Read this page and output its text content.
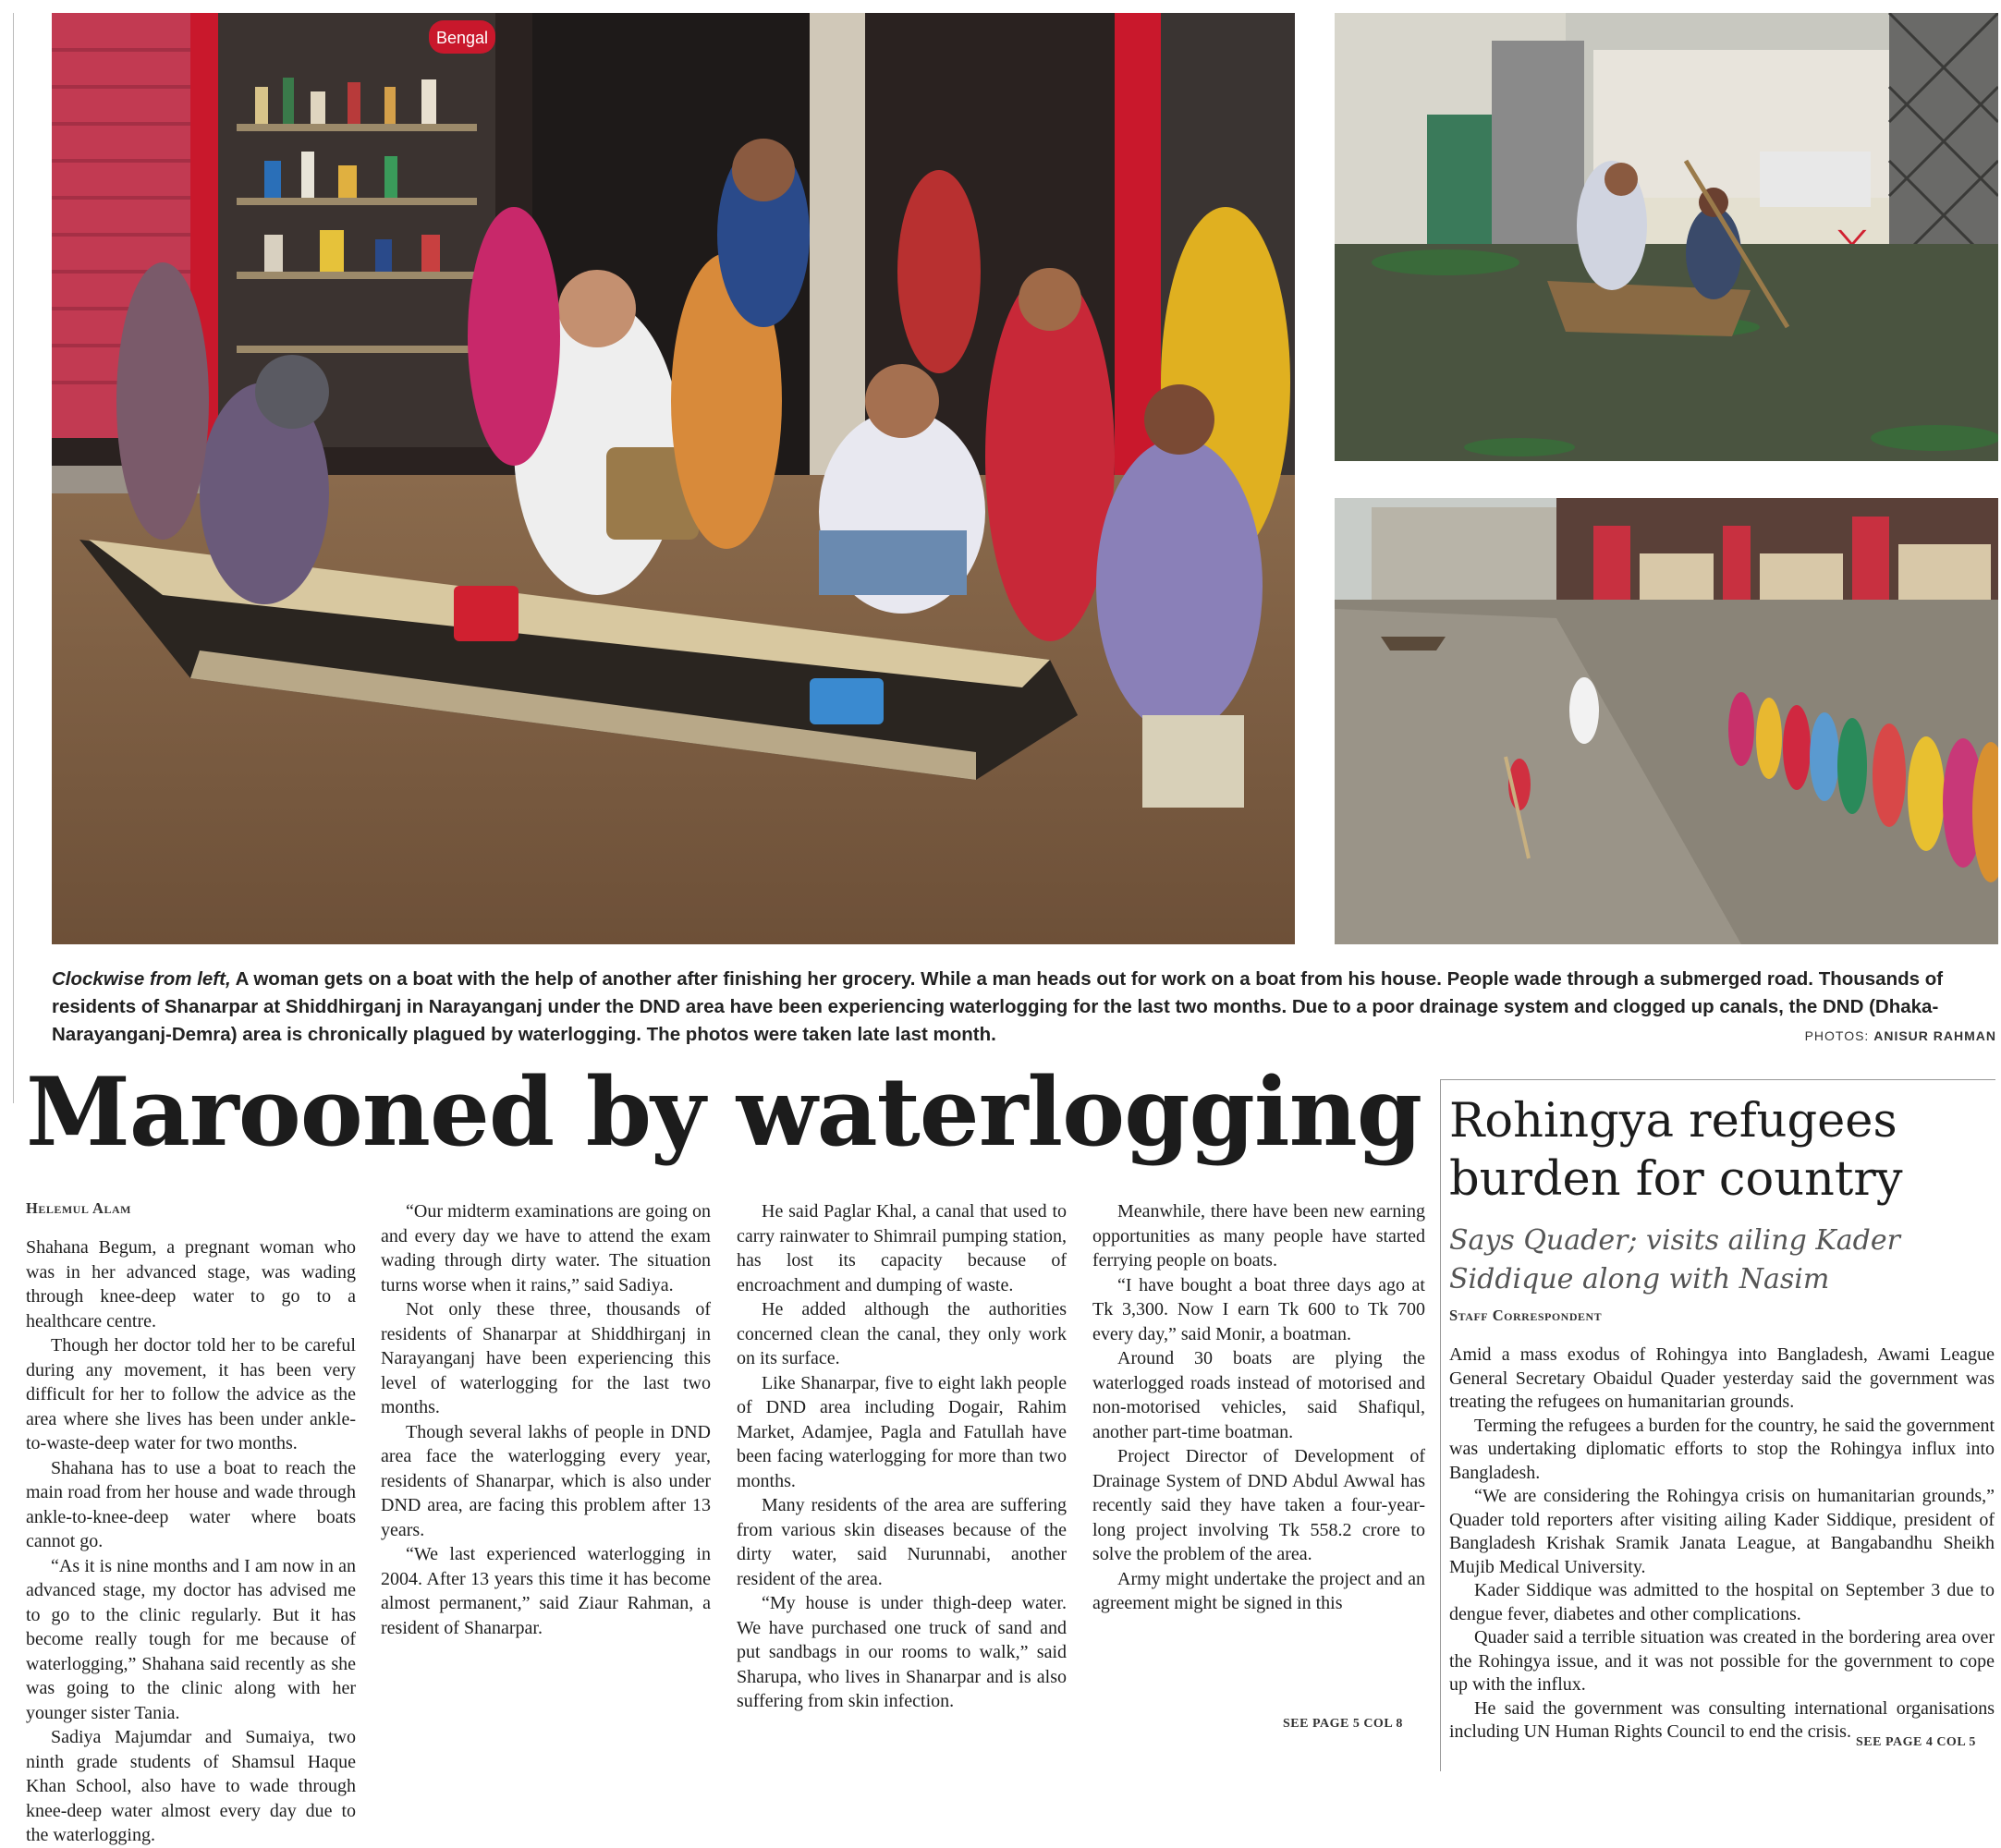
Bengal
Clockwise from left, A woman gets on a boat with the help of another after finishing her grocery. While a man heads out for work on a boat from his house. People wade through a submerged road. Thousands of residents of Shanarpar at Shiddhirganj in Narayanganj under the DND area have been experiencing waterlogging for the last two months. Due to a poor drainage system and clogged up canals, the DND (Dhaka-Narayanganj-Demra) area is chronically plagued by waterlogging. The photos were taken late last month.	PHOTOS: ANISUR RAHMAN
Marooned by waterlogging
Helemul Alam

Shahana Begum, a pregnant woman who was in her advanced stage, was wading through knee-deep water to go to a healthcare centre.

Though her doctor told her to be careful during any movement, it has been very difficult for her to follow the advice as the area where she lives has been under ankle-to-waste-deep water for two months.

Shahana has to use a boat to reach the main road from her house and wade through ankle-to-knee-deep water where boats cannot go.

“As it is nine months and I am now in an advanced stage, my doctor has advised me to go to the clinic regularly. But it has become really tough for me because of waterlogging,” Shahana said recently as she was going to the clinic along with her younger sister Tania.

Sadiya Majumdar and Sumaiya, two ninth grade students of Shamsul Haque Khan School, also have to wade through knee-deep water almost every day due to the waterlogging.

“Our midterm examinations are going on and every day we have to attend the exam wading through dirty water. The situation turns worse when it rains,” said Sadiya.

Not only these three, thousands of residents of Shanarpar at Shiddhirganj in Narayanganj have been experiencing this level of waterlogging for the last two months.

Though several lakhs of people in DND area face the waterlogging every year, residents of Shanarpar, which is also under DND area, are facing this problem after 13 years.

“We last experienced waterlogging in 2004. After 13 years this time it has become almost permanent,” said Ziaur Rahman, a resident of Shanarpar.

He said Paglar Khal, a canal that used to carry rainwater to Shimrail pumping station, has lost its capacity because of encroachment and dumping of waste.

He added although the authorities concerned clean the canal, they only work on its surface.

Like Shanarpar, five to eight lakh people of DND area including Dogair, Rahim Market, Adamjee, Pagla and Fatullah have been facing waterlogging for more than two months.

Many residents of the area are suffering from various skin diseases because of the dirty water, said Nurunnabi, another resident of the area.

“My house is under thigh-deep water. We have purchased one truck of sand and put sandbags in our rooms to walk,” said Sharupa, who lives in Shanarpar and is also suffering from skin infection.

Meanwhile, there have been new earning opportunities as many people have started ferrying people on boats.

“I have bought a boat three days ago at Tk 3,300. Now I earn Tk 600 to Tk 700 every day,” said Monir, a boatman.

Around 30 boats are plying the waterlogged roads instead of motorised and non-motorised vehicles, said Shafiqul, another part-time boatman.

Project Director of Development of Drainage System of DND Abdul Awwal has recently said they have taken a four-year-long project involving Tk 558.2 crore to solve the problem of the area.

Army might undertake the project and an agreement might be signed in this

SEE PAGE 5 COL 8
Rohingya refugees burden for country
Says Quader; visits ailing Kader Siddique along with Nasim
Staff Correspondent

Amid a mass exodus of Rohingya into Bangladesh, Awami League General Secretary Obaidul Quader yesterday said the government was treating the refugees on humanitarian grounds.

Terming the refugees a burden for the country, he said the government was undertaking diplomatic efforts to stop the Rohingya influx into Bangladesh.

“We are considering the Rohingya crisis on humanitarian grounds,” Quader told reporters after visiting ailing Kader Siddique, president of Bangladesh Krishak Sramik Janata League, at Bangabandhu Sheikh Mujib Medical University.

Kader Siddique was admitted to the hospital on September 3 due to dengue fever, diabetes and other complications.

Quader said a terrible situation was created in the bordering area over the Rohingya issue, and it was not possible for the government to cope up with the influx.

He said the government was consulting international organisations including UN Human Rights Council to end the crisis.

SEE PAGE 4 COL 5
